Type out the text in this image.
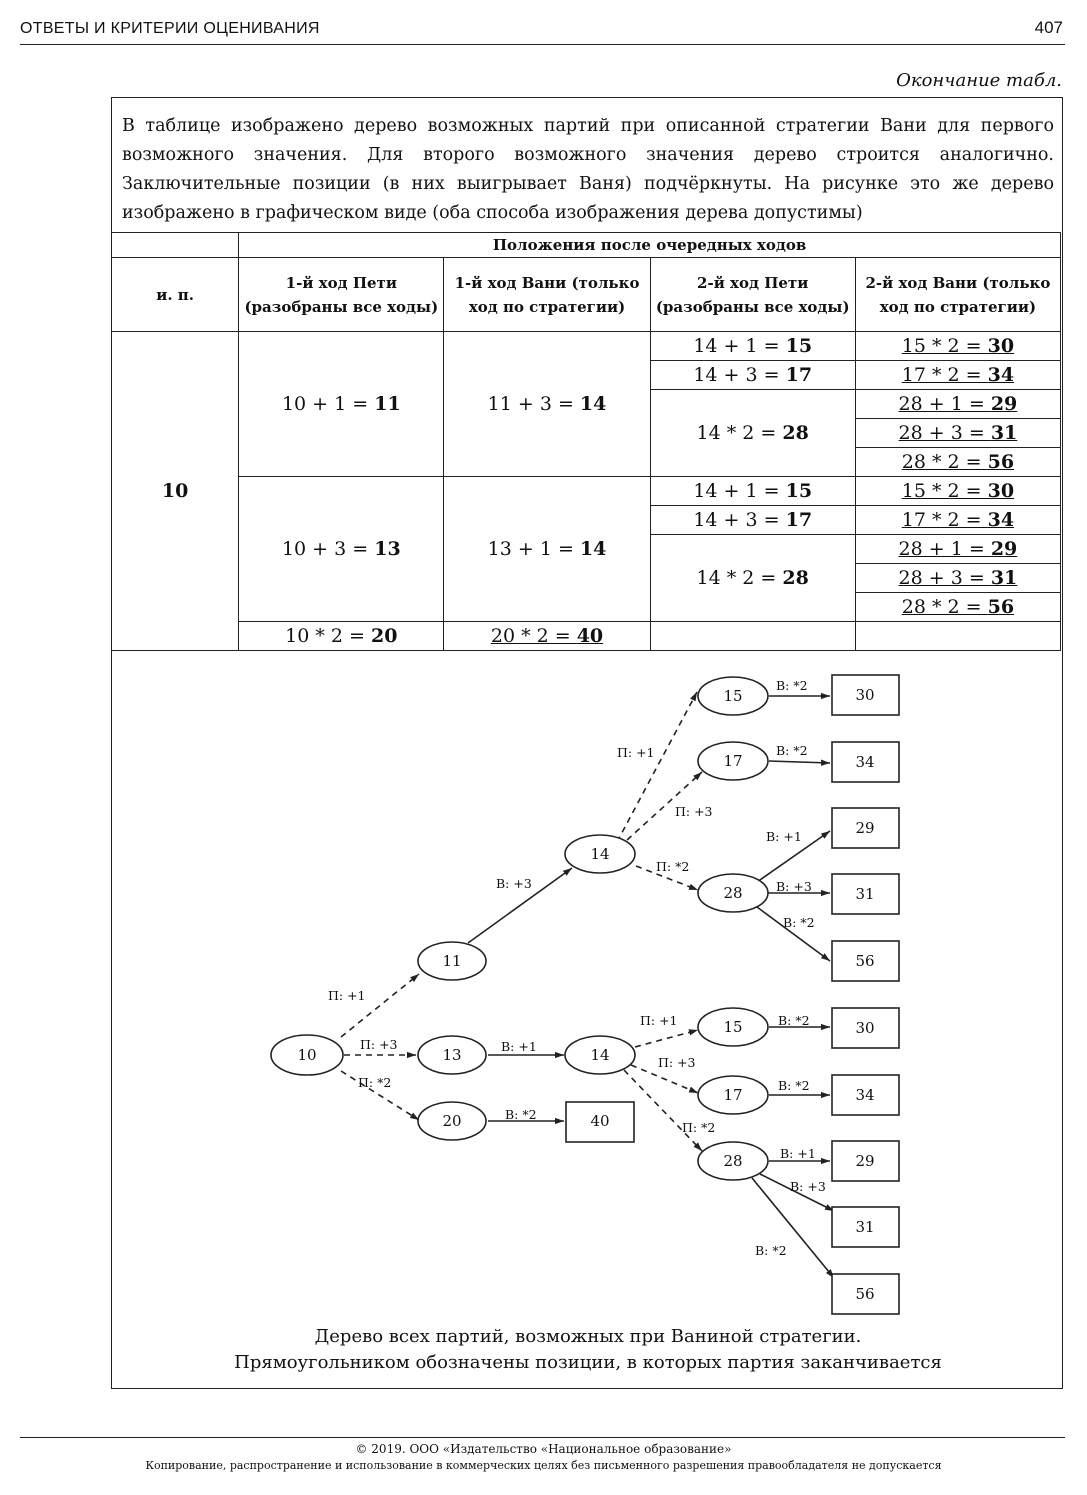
ОТВЕТЫ И КРИТЕРИИ ОЦЕНИВАНИЯ	407
Окончание табл.
В таблице изображено дерево возможных партий при описанной стратегии Вани для первого возможного значения. Для второго возможного значения дерево строится аналогично. Заключительные позиции (в них выигрывает Ваня) подчёркнуты. На рисунке это же дерево изображено в графическом виде (оба способа изображения дерева допустимы)
	Положения после очередных ходов			
и. п.	1-й ход Пети (разобраны все ходы)	1-й ход Вани (только ход по стратегии)	2-й ход Пети (разобраны все ходы)	2-й ход Вани (только ход по стратегии)
10	10 + 1 = 11	11 + 3 = 14	14 + 1 = 15	15 * 2 = 30
			14 + 3 = 17	17 * 2 = 34
			14 * 2 = 28	28 + 1 = 29
				28 + 3 = 31
				28 * 2 = 56
	10 + 3 = 13	13 + 1 = 14	14 + 1 = 15	15 * 2 = 30
			14 + 3 = 17	17 * 2 = 34
			14 * 2 = 28	28 + 1 = 29
				28 + 3 = 31
				28 * 2 = 56
	10 * 2 = 20	20 * 2 = 40		
10
11
13
20	40
14
15
17
28
30
34
29
31
56
14
15
17
28
30
34
29
31
56
П: +1
П: +3
П: *2
В: +3
В: +1
В: *2
П: +1
П: +3
П: *2
В: *2
В: *2
В: +1
В: +3
В: *2
П: +1
П: +3
П: *2
В: *2
В: *2
В: +1
В: +3
В: *2
Дерево всех партий, возможных при Ваниной стратегии.
Прямоугольником обозначены позиции, в которых партия заканчивается
© 2019. ООО «Издательство «Национальное образование»
Копирование, распространение и использование в коммерческих целях без письменного разрешения правообладателя не допускается
